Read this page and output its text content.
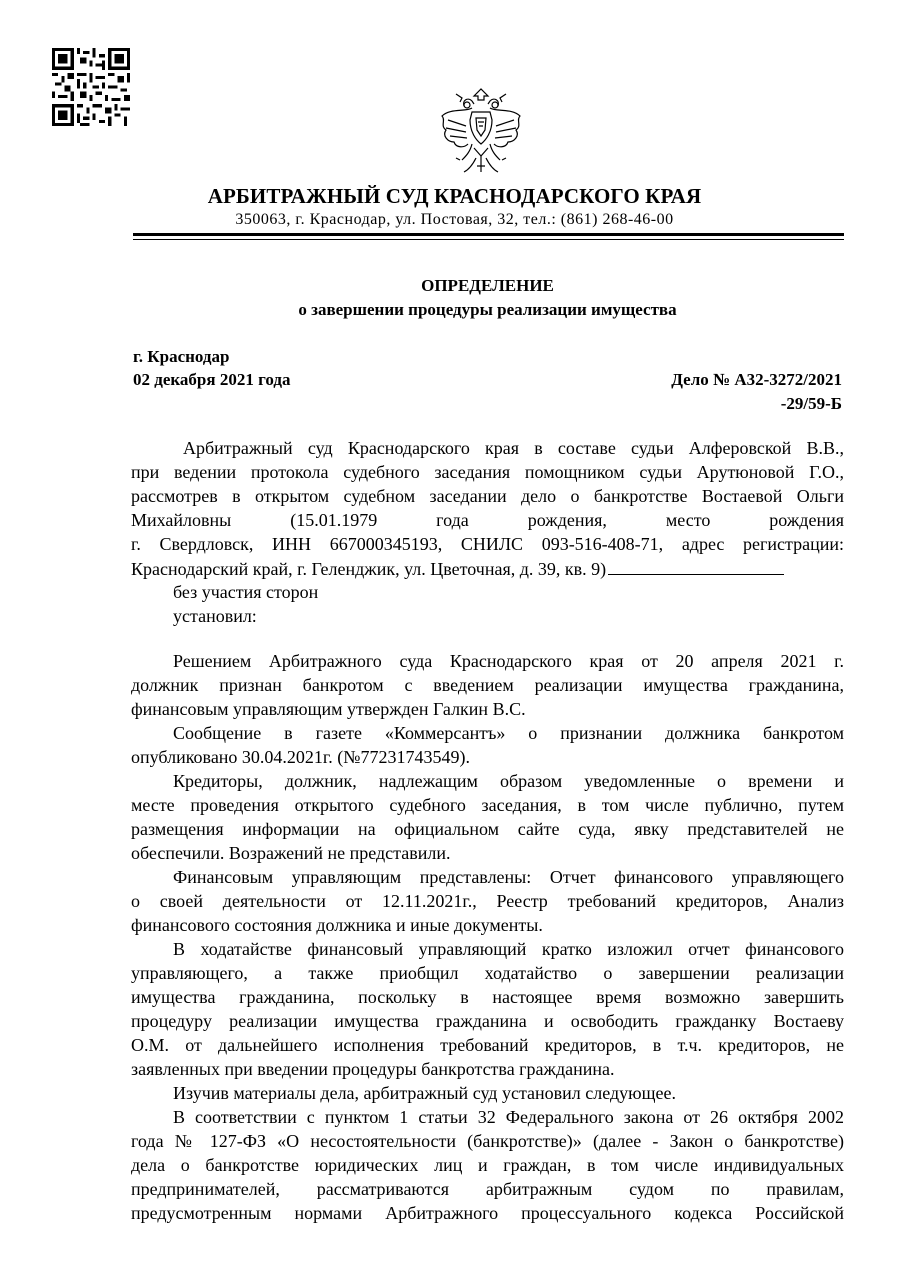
АРБИТРАЖНЫЙ СУД КРАСНОДАРСКОГО КРАЯ
350063, г. Краснодар, ул. Постовая, 32, тел.: (861) 268-46-00
ОПРЕДЕЛЕНИЕ
о завершении процедуры реализации имущества
г. Краснодар
02 декабря 2021 года	Дело № А32-3272/2021
-29/59-Б
Арбитражный суд Краснодарского края в составе судьи Алферовской В.В.,
при ведении протокола судебного заседания помощником судьи Арутюновой Г.О.,
рассмотрев в открытом судебном заседании дело о банкротстве Востаевой Ольги
Михайловны (15.01.1979 года рождения, место рождения
г. Свердловск, ИНН 667000345193, СНИЛС 093-516-408-71, адрес регистрации:
Краснодарский край, г. Геленджик, ул. Цветочная, д. 39, кв. 9)
без участия сторон
установил:
Решением Арбитражного суда Краснодарского края от 20 апреля 2021 г.
должник признан банкротом с введением реализации имущества гражданина,
финансовым управляющим утвержден Галкин В.С.
Сообщение в газете «Коммерсантъ» о признании должника банкротом
опубликовано 30.04.2021г. (№77231743549).
Кредиторы, должник, надлежащим образом уведомленные о времени и
месте проведения открытого судебного заседания, в том числе публично, путем
размещения информации на официальном сайте суда, явку представителей не
обеспечили. Возражений не представили.
Финансовым управляющим представлены: Отчет финансового управляющего
о своей деятельности от 12.11.2021г., Реестр требований кредиторов, Анализ
финансового состояния должника и иные документы.
В ходатайстве финансовый управляющий кратко изложил отчет финансового
управляющего, а также приобщил ходатайство о завершении реализации
имущества гражданина, поскольку в настоящее время возможно завершить
процедуру реализации имущества гражданина и освободить гражданку Востаеву
О.М. от дальнейшего исполнения требований кредиторов, в т.ч. кредиторов, не
заявленных при введении процедуры банкротства гражданина.
Изучив материалы дела, арбитражный суд установил следующее.
В соответствии с пунктом 1 статьи 32 Федерального закона от 26 октября 2002
года № 127-ФЗ «О несостоятельности (банкротстве)» (далее - Закон о банкротстве)
дела о банкротстве юридических лиц и граждан, в том числе индивидуальных
предпринимателей, рассматриваются арбитражным судом по правилам,
предусмотренным нормами Арбитражного процессуального кодекса Российской
